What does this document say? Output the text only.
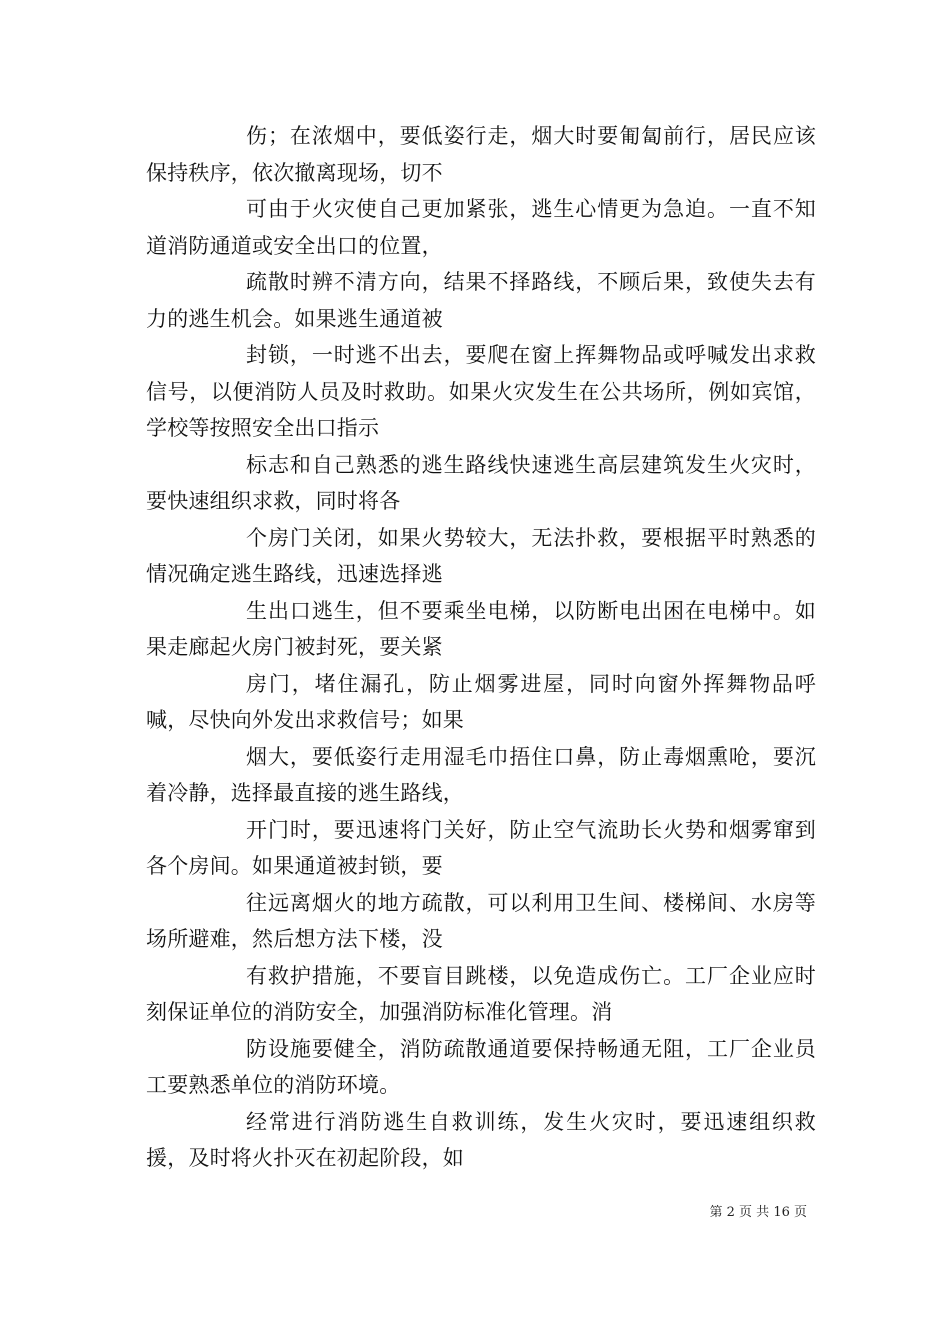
伤；在浓烟中，要低姿行走，烟大时要匍匐前行，居民应该保持秩序，依次撤离现场，切不

可由于火灾使自己更加紧张，逃生心情更为急迫。一直不知道消防通道或安全出口的位置，

疏散时辨不清方向，结果不择路线，不顾后果，致使失去有力的逃生机会。如果逃生通道被

封锁，一时逃不出去，要爬在窗上挥舞物品或呼喊发出求救信号，以便消防人员及时救助。如果火灾发生在公共场所，例如宾馆，学校等按照安全出口指示

标志和自己熟悉的逃生路线快速逃生高层建筑发生火灾时，要快速组织求救，同时将各

个房门关闭，如果火势较大，无法扑救，要根据平时熟悉的情况确定逃生路线，迅速选择逃

生出口逃生，但不要乘坐电梯，以防断电出困在电梯中。如果走廊起火房门被封死，要关紧

房门，堵住漏孔，防止烟雾进屋，同时向窗外挥舞物品呼喊，尽快向外发出求救信号；如果

烟大，要低姿行走用湿毛巾捂住口鼻，防止毒烟熏呛，要沉着冷静，选择最直接的逃生路线，

开门时，要迅速将门关好，防止空气流助长火势和烟雾窜到各个房间。如果通道被封锁，要

往远离烟火的地方疏散，可以利用卫生间、楼梯间、水房等场所避难，然后想方法下楼，没

有救护措施，不要盲目跳楼，以免造成伤亡。工厂企业应时刻保证单位的消防安全，加强消防标准化管理。消

防设施要健全，消防疏散通道要保持畅通无阻，工厂企业员工要熟悉单位的消防环境。

经常进行消防逃生自救训练，发生火灾时，要迅速组织救援，及时将火扑灭在初起阶段，如

第 2 页 共 16 页
